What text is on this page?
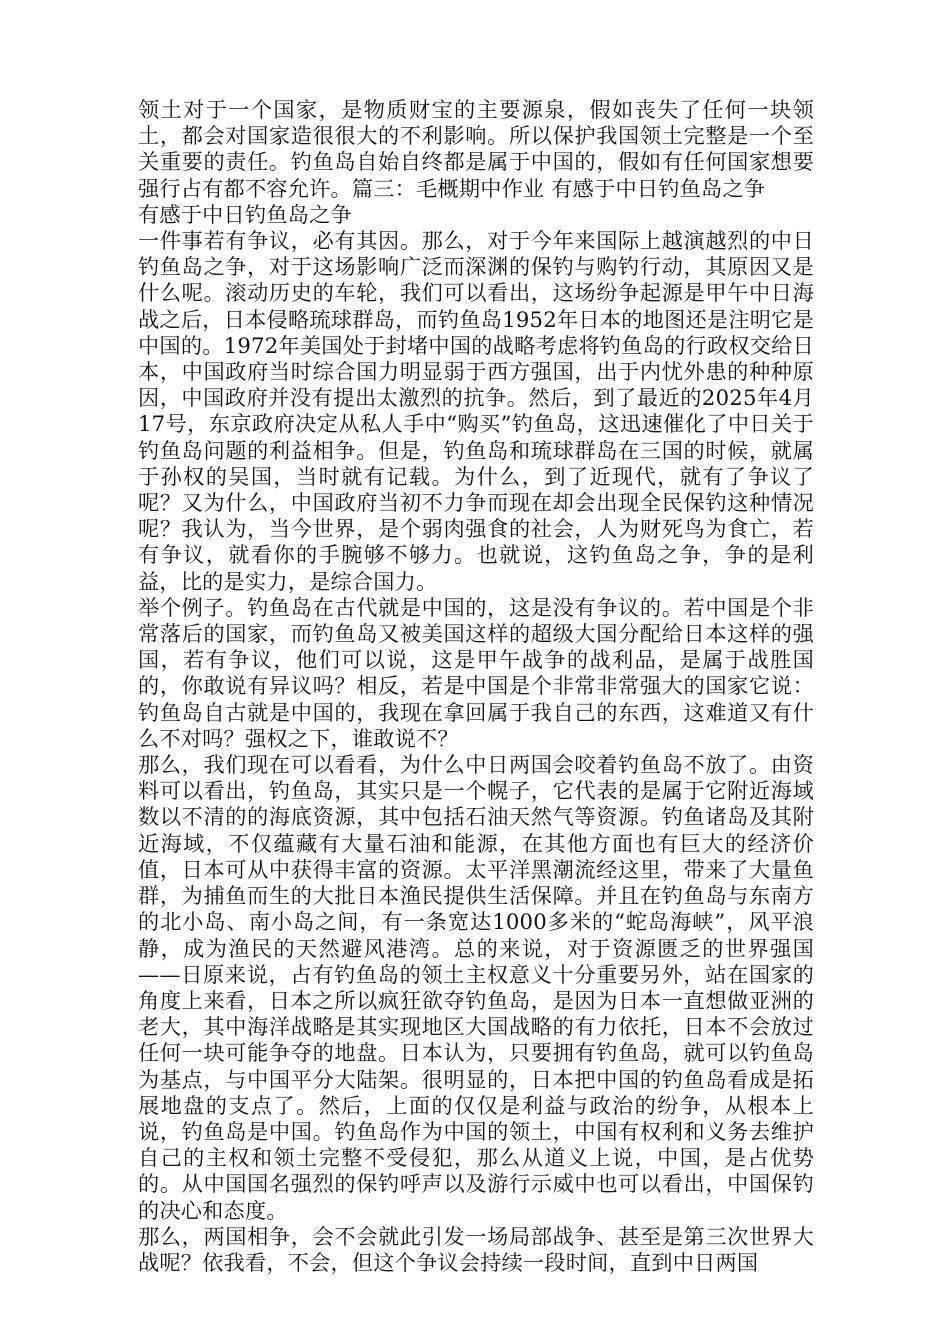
领土对于一个国家，是物质财宝的主要源泉，假如丧失了任何一块领土，都会对国家造很很大的不利影响。所以保护我国领土完整是一个至关重要的责任。钓鱼岛自始自终都是属于中国的，假如有任何国家想要强行占有都不容允许。篇三：毛概期中作业 有感于中日钓鱼岛之争

有感于中日钓鱼岛之争

一件事若有争议，必有其因。那么，对于今年来国际上越演越烈的中日钓鱼岛之争，对于这场影响广泛而深渊的保钓与购钓行动，其原因又是什么呢。滚动历史的车轮，我们可以看出，这场纷争起源是甲午中日海战之后，日本侵略琉球群岛，而钓鱼岛1952年日本的地图还是注明它是中国的。1972年美国处于封堵中国的战略考虑将钓鱼岛的行政权交给日本，中国政府当时综合国力明显弱于西方强国，出于内忧外患的种种原因，中国政府并没有提出太激烈的抗争。然后，到了最近的2025年4月17号，东京政府决定从私人手中“购买”钓鱼岛，这迅速催化了中日关于钓鱼岛问题的利益相争。但是，钓鱼岛和琉球群岛在三国的时候，就属于孙权的吴国，当时就有记载。为什么，到了近现代，就有了争议了呢？又为什么，中国政府当初不力争而现在却会出现全民保钓这种情况呢？我认为，当今世界，是个弱肉强食的社会，人为财死鸟为食亡，若有争议，就看你的手腕够不够力。也就说，这钓鱼岛之争，争的是利益，比的是实力，是综合国力。

举个例子。钓鱼岛在古代就是中国的，这是没有争议的。若中国是个非常落后的国家，而钓鱼岛又被美国这样的超级大国分配给日本这样的强国，若有争议，他们可以说，这是甲午战争的战利品，是属于战胜国的，你敢说有异议吗？相反，若是中国是个非常非常强大的国家它说：钓鱼岛自古就是中国的，我现在拿回属于我自己的东西，这难道又有什么不对吗？强权之下，谁敢说不？

那么，我们现在可以看看，为什么中日两国会咬着钓鱼岛不放了。由资料可以看出，钓鱼岛，其实只是一个幌子，它代表的是属于它附近海域数以不清的的海底资源，其中包括石油天然气等资源。钓鱼诸岛及其附近海域，不仅蕴藏有大量石油和能源，在其他方面也有巨大的经济价值，日本可从中获得丰富的资源。太平洋黑潮流经这里，带来了大量鱼群，为捕鱼而生的大批日本渔民提供生活保障。并且在钓鱼岛与东南方的北小岛、南小岛之间，有一条宽达1000多米的“蛇岛海峡”，风平浪静，成为渔民的天然避风港湾。总的来说，对于资源匮乏的世界强国——日原来说，占有钓鱼岛的领土主权意义十分重要另外，站在国家的角度上来看，日本之所以疯狂欲夺钓鱼岛，是因为日本一直想做亚洲的老大，其中海洋战略是其实现地区大国战略的有力依托，日本不会放过任何一块可能争夺的地盘。日本认为，只要拥有钓鱼岛，就可以钓鱼岛为基点，与中国平分大陆架。很明显的，日本把中国的钓鱼岛看成是拓展地盘的支点了。然后，上面的仅仅是利益与政治的纷争，从根本上说，钓鱼岛是中国。钓鱼岛作为中国的领土，中国有权利和义务去维护自己的主权和领土完整不受侵犯，那么从道义上说，中国，是占优势的。从中国国名强烈的保钓呼声以及游行示威中也可以看出，中国保钓的决心和态度。

那么，两国相争，会不会就此引发一场局部战争、甚至是第三次世界大战呢？依我看，不会，但这个争议会持续一段时间，直到中日两国
